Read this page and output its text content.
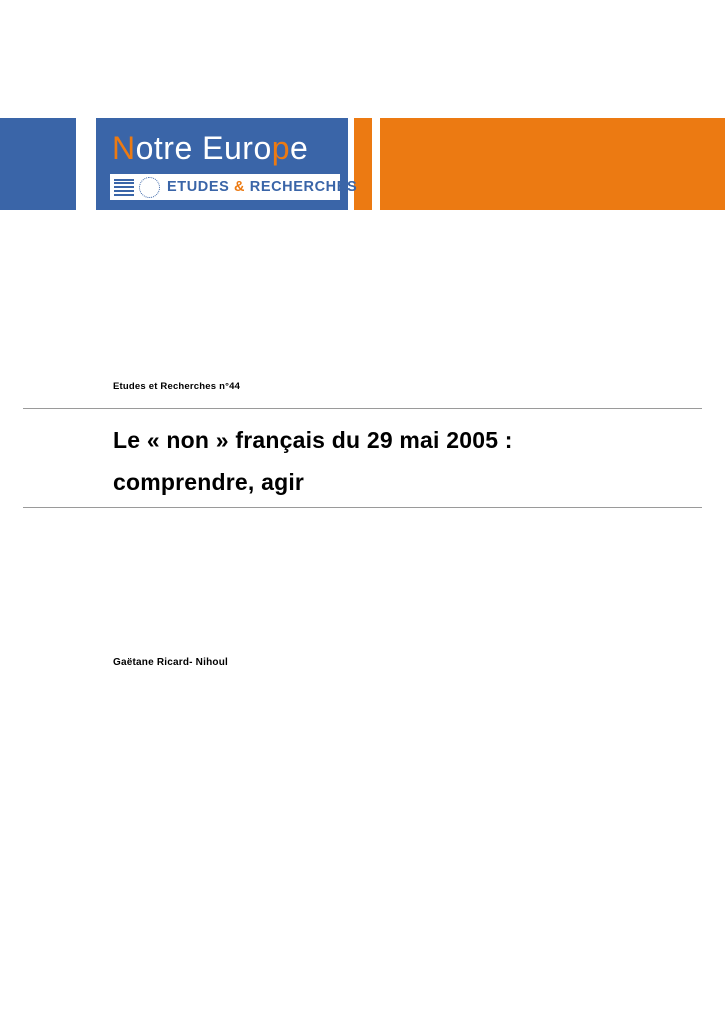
Notre Europe
ETUDES & RECHERCHES
Etudes et Recherches n°44
Le « non » français du 29 mai 2005 :
comprendre, agir
Gaëtane Ricard- Nihoul
